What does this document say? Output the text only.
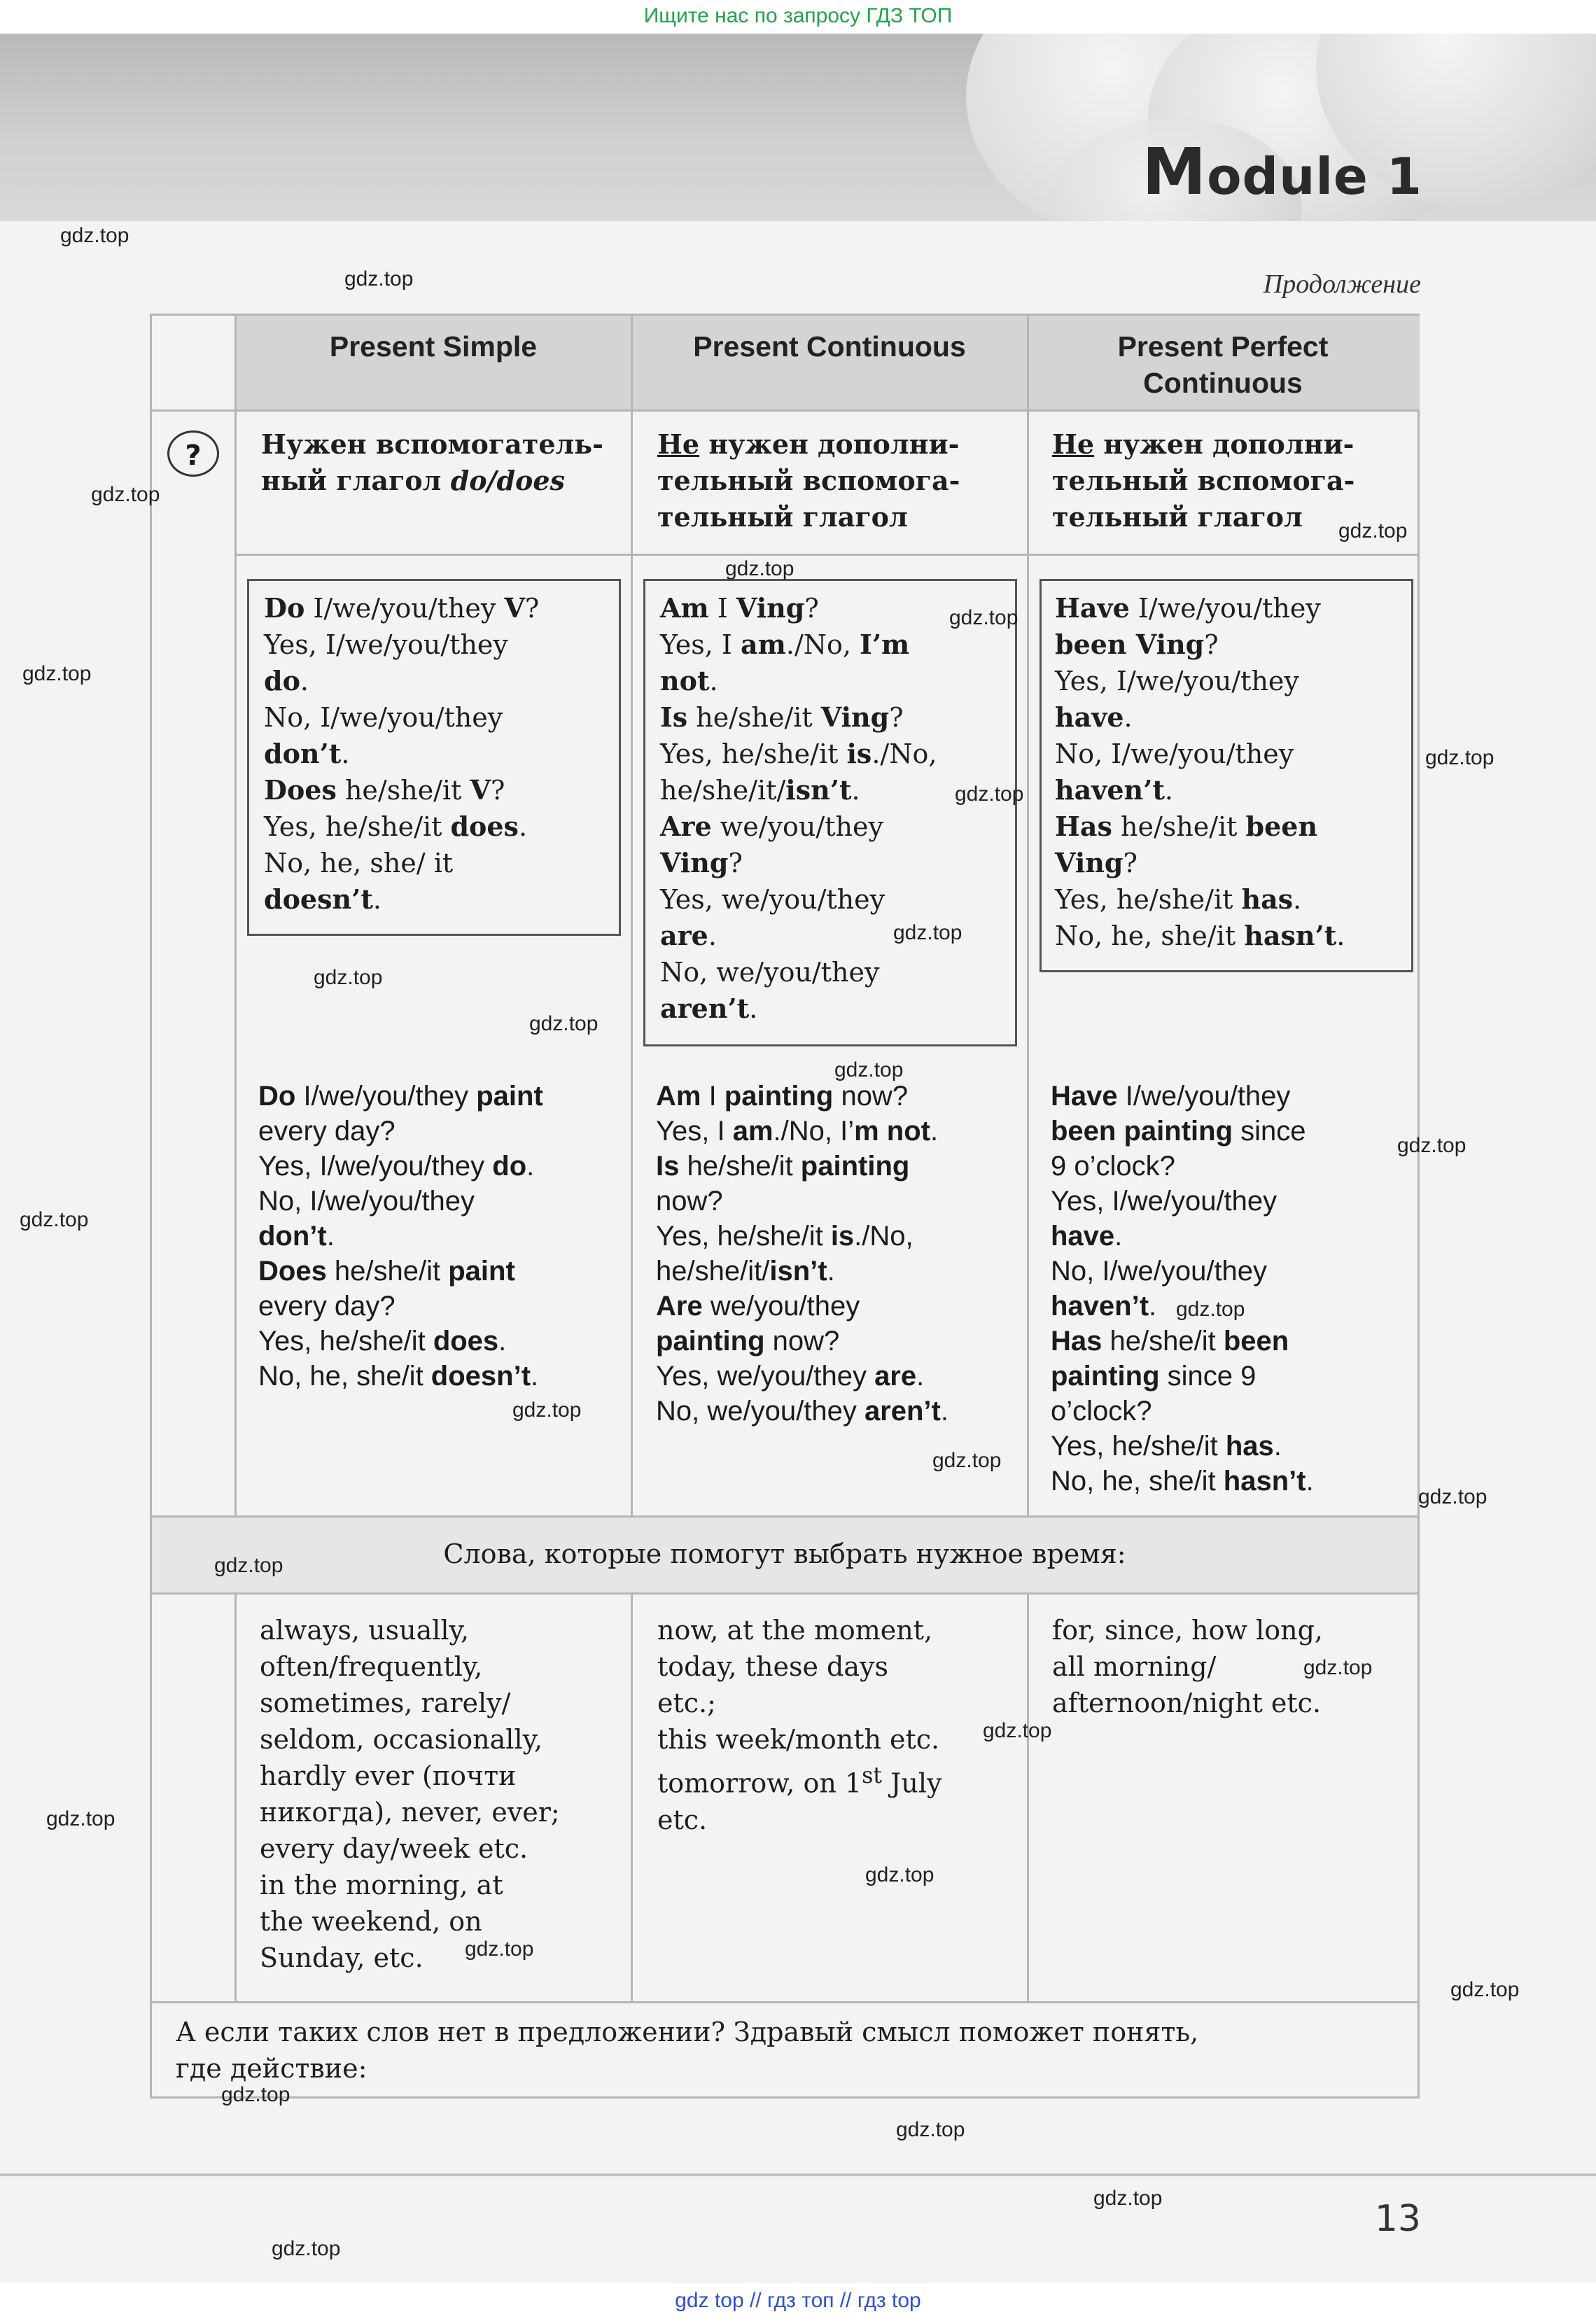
Ищите нас по запросу ГДЗ ТОП
Module 1
Продолжение
Present Simple	Present Continuous	Present Perfect
Continuous
?	Нужен вспомогатель-
ный глагол do/does
Не нужен дополни-
тельный вспомога-
тельный глагол
Не нужен дополни-
тельный вспомога-
тельный глагол
Do I/we/you/they V?
Yes, I/we/you/they
do.
No, I/we/you/they
don’t.
Does he/she/it V?
Yes, he/she/it does.
No, he, she/ it
doesn’t.
Am I Ving?
Yes, I am./No, I’m
not.
Is he/she/it Ving?
Yes, he/she/it is./No,
he/she/it/isn’t.
Are we/you/they
Ving?
Yes, we/you/they
are.
No, we/you/they
aren’t.
Have I/we/you/they
been Ving?
Yes, I/we/you/they
have.
No, I/we/you/they
haven’t.
Has he/she/it been
Ving?
Yes, he/she/it has.
No, he, she/it hasn’t.
Do I/we/you/they paint
every day?
Yes, I/we/you/they do.
No, I/we/you/they
don’t.
Does he/she/it paint
every day?
Yes, he/she/it does.
No, he, she/it doesn’t.
Am I painting now?
Yes, I am./No, I’m not.
Is he/she/it painting
now?
Yes, he/she/it is./No,
he/she/it/isn’t.
Are we/you/they
painting now?
Yes, we/you/they are.
No, we/you/they aren’t.
Have I/we/you/they
been painting since
9 o’clock?
Yes, I/we/you/they
have.
No, I/we/you/they
haven’t.
Has he/she/it been
painting since 9
o’clock?
Yes, he/she/it has.
No, he, she/it hasn’t.
Слова, которые помогут выбрать нужное время:
always, usually,
often/frequently,
sometimes, rarely/
seldom, occasionally,
hardly ever (почти
никогда), never, ever;
every day/week etc.
in the morning, at
the weekend, on
Sunday, etc.
now, at the moment,
today, these days
etc.;
this week/month etc.
tomorrow, on 1st July
etc.
for, since, how long,
all morning/
afternoon/night etc.
А если таких слов нет в предложении? Здравый смысл поможет понять,
где действие:
gdz.top
gdz.top
gdz.top
gdz.top
gdz.top
gdz.top
gdz.top
gdz.top
gdz.top
gdz.top
gdz.top
gdz.top
gdz.top
gdz.top
gdz.top
gdz.top
gdz.top
gdz.top
gdz.top
gdz.top
gdz.top
gdz.top
gdz.top
gdz.top
gdz.top
gdz.top
gdz.top
gdz.top
gdz.top
gdz.top
13
gdz top // гдз топ // гдз top
